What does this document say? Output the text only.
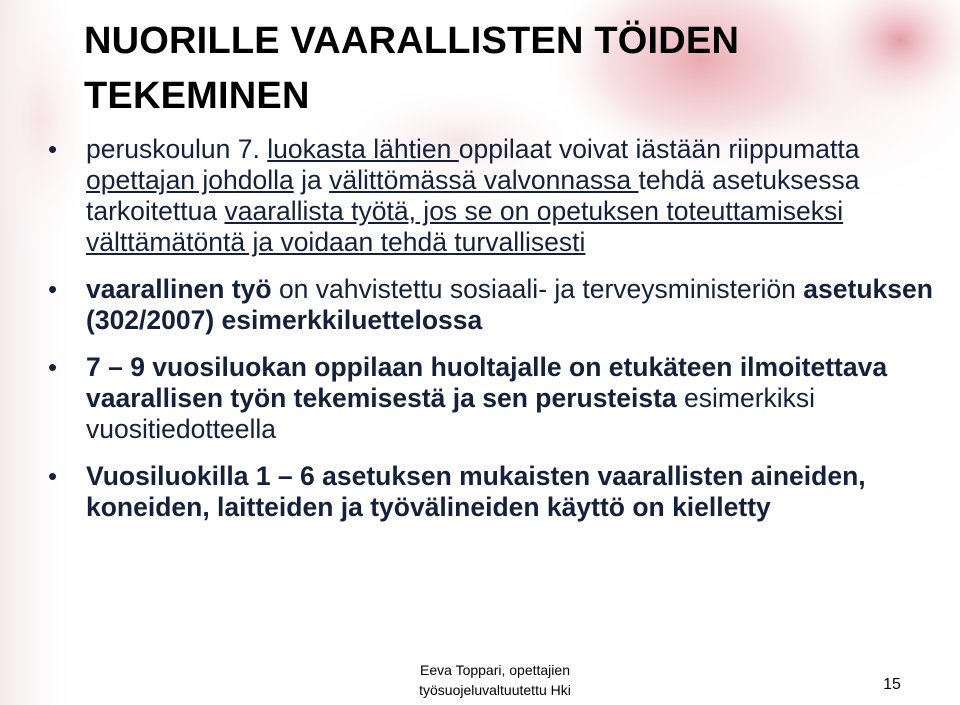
NUORILLE VAARALLISTEN TÖIDEN TEKEMINEN
• peruskoulun 7. luokasta lähtien oppilaat voivat iästään riippumatta opettajan johdolla ja välittömässä valvonnassa tehdä asetuksessa tarkoitettua vaarallista työtä, jos se on opetuksen toteuttamiseksi välttämätöntä ja voidaan tehdä turvallisesti
• vaarallinen työ on vahvistettu sosiaali- ja terveysministeriön asetuksen (302/2007) esimerkkiluettelossa
• 7 – 9 vuosiluokan oppilaan huoltajalle on etukäteen ilmoitettava vaarallisen työn tekemisestä ja sen perusteista esimerkiksi vuositiedotteella
• Vuosiluokilla 1 – 6 asetuksen mukaisten vaarallisten aineiden, koneiden, laitteiden ja työvälineiden käyttö on kielletty
Eeva Toppari, opettajien
työsuojeluvaltuutettu Hki	15
